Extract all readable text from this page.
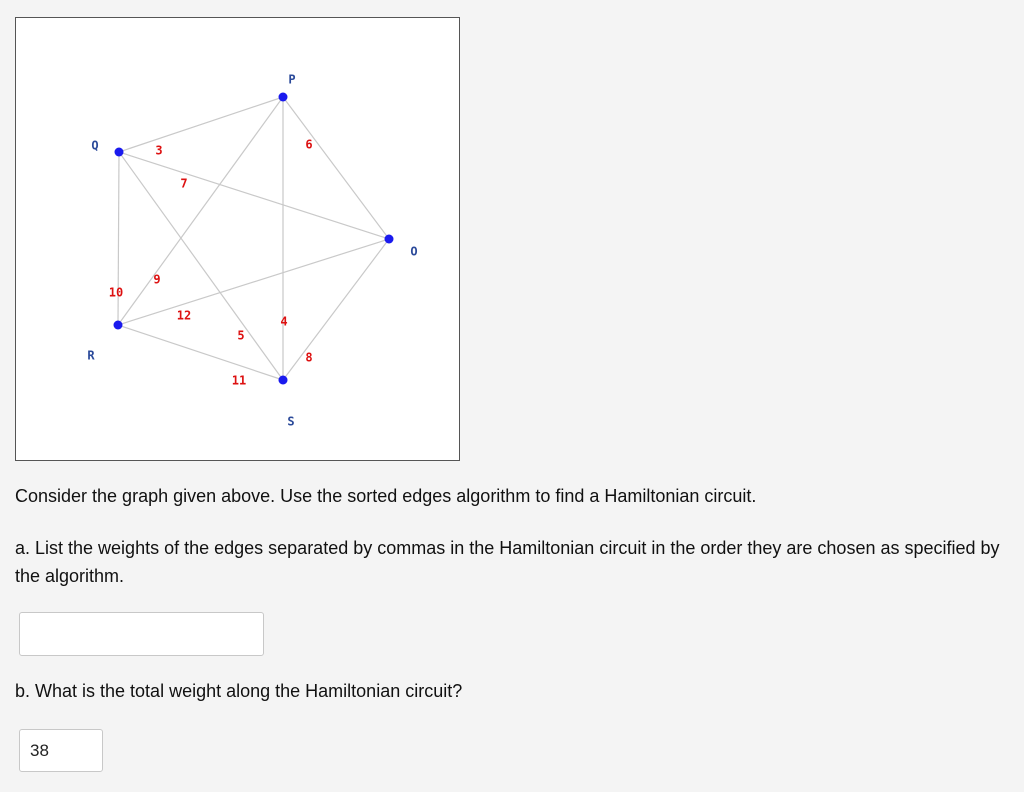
3	6
7
9
10
12
5
4
8
11
P
Q
O
R
S

Consider the graph given above. Use the sorted edges algorithm to find a Hamiltonian circuit.

a. List the weights of the edges separated by commas in the Hamiltonian circuit in the order they are chosen as specified by the algorithm.

b. What is the total weight along the Hamiltonian circuit?

38
